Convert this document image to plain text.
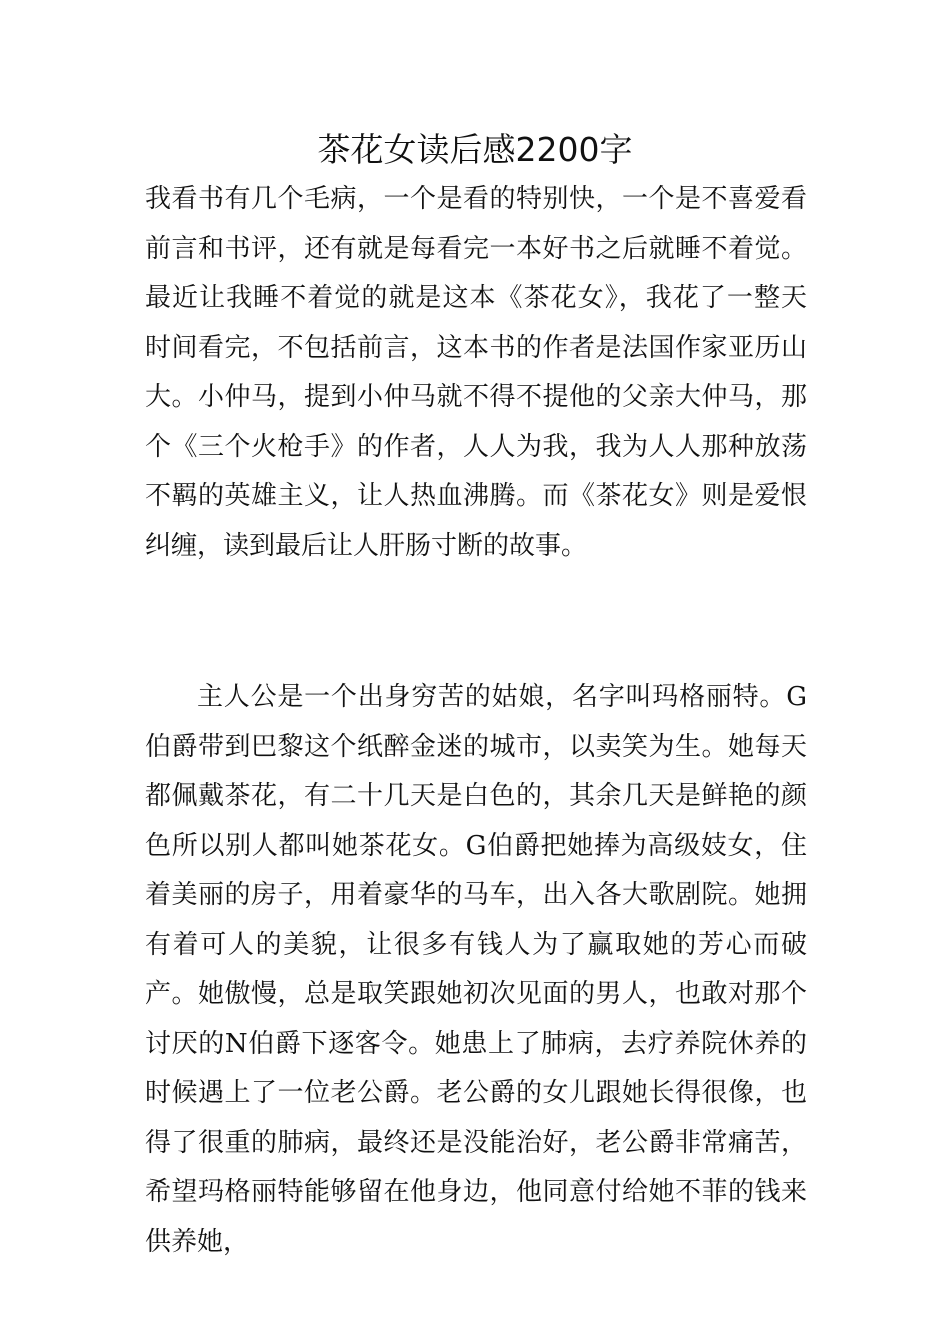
茶花女读后感2200字

我看书有几个毛病，一个是看的特别快，一个是不喜爱看前言和书评，还有就是每看完一本好书之后就睡不着觉。最近让我睡不着觉的就是这本《茶花女》，我花了一整天时间看完，不包括前言，这本书的作者是法国作家亚历山大。小仲马，提到小仲马就不得不提他的父亲大仲马，那个《三个火枪手》的作者，人人为我，我为人人那种放荡不羁的英雄主义，让人热血沸腾。而《茶花女》则是爱恨纠缠，读到最后让人肝肠寸断的故事。

主人公是一个出身穷苦的姑娘，名字叫玛格丽特。G伯爵带到巴黎这个纸醉金迷的城市，以卖笑为生。她每天都佩戴茶花，有二十几天是白色的，其余几天是鲜艳的颜色所以别人都叫她茶花女。G伯爵把她捧为高级妓女，住着美丽的房子，用着豪华的马车，出入各大歌剧院。她拥有着可人的美貌，让很多有钱人为了赢取她的芳心而破产。她傲慢，总是取笑跟她初次见面的男人，也敢对那个讨厌的N伯爵下逐客令。她患上了肺病，去疗养院休养的时候遇上了一位老公爵。老公爵的女儿跟她长得很像，也得了很重的肺病，最终还是没能治好，老公爵非常痛苦，希望玛格丽特能够留在他身边，他同意付给她不菲的钱来供养她，
